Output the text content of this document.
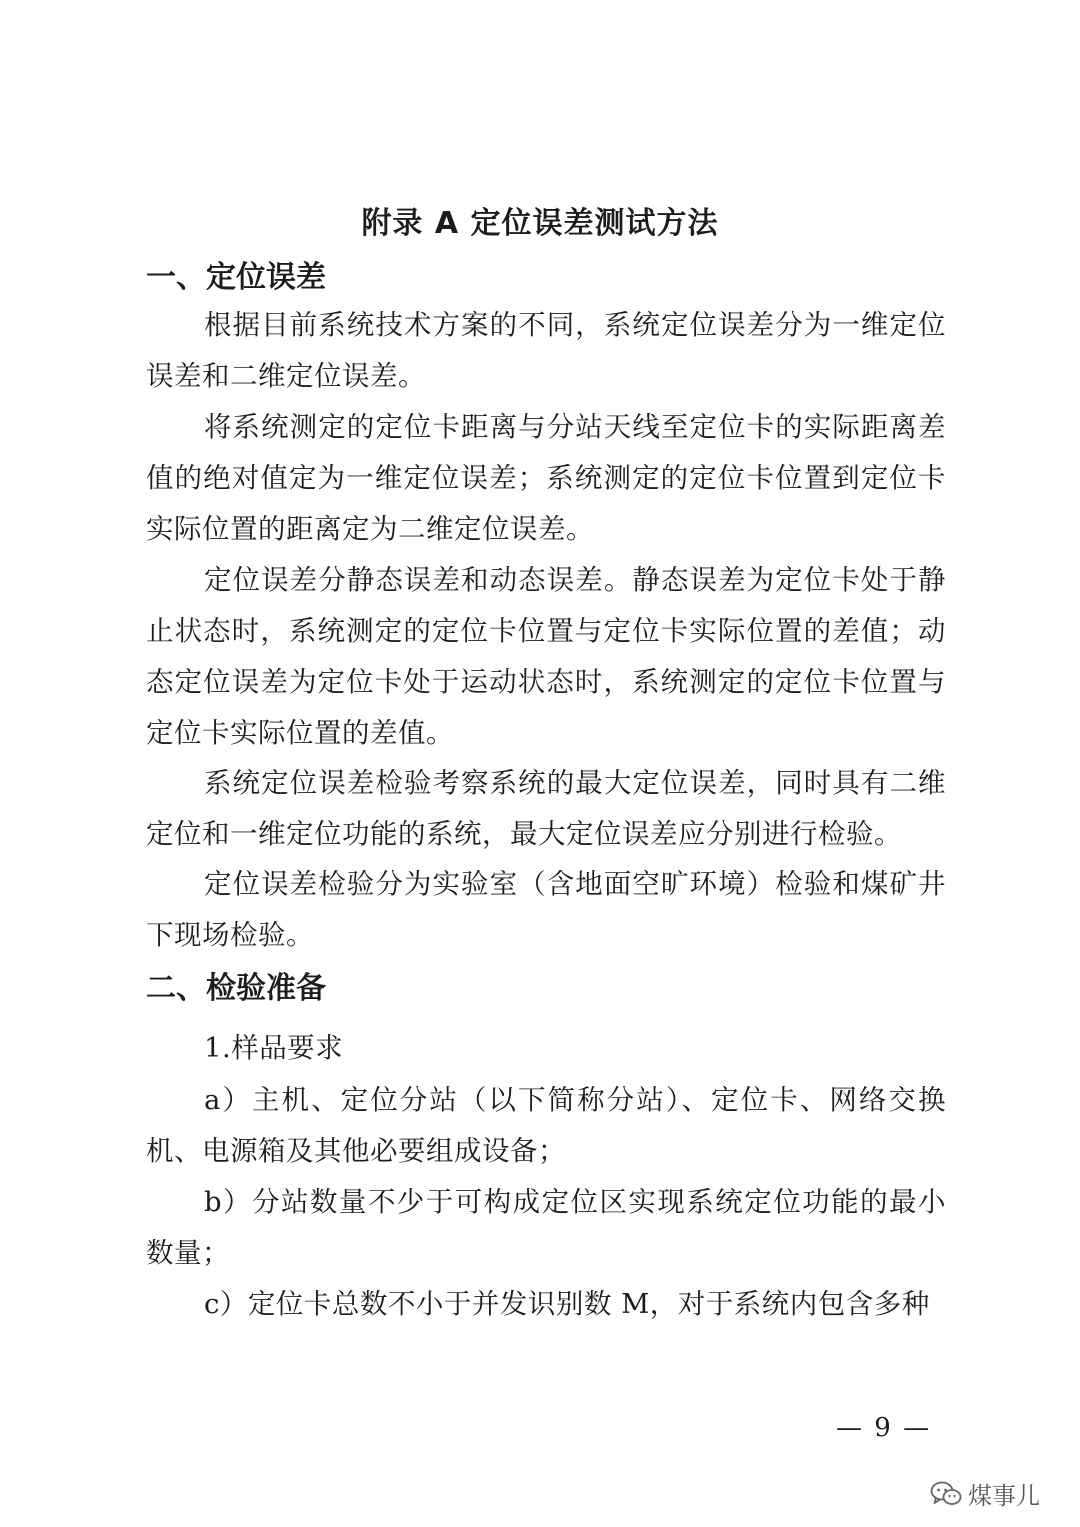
附录 A 定位误差测试方法
一、定位误差

根据目前系统技术方案的不同，系统定位误差分为一维定位误差和二维定位误差。

将系统测定的定位卡距离与分站天线至定位卡的实际距离差值的绝对值定为一维定位误差；系统测定的定位卡位置到定位卡实际位置的距离定为二维定位误差。

定位误差分静态误差和动态误差。静态误差为定位卡处于静止状态时，系统测定的定位卡位置与定位卡实际位置的差值；动态定位误差为定位卡处于运动状态时，系统测定的定位卡位置与定位卡实际位置的差值。

系统定位误差检验考察系统的最大定位误差，同时具有二维定位和一维定位功能的系统，最大定位误差应分别进行检验。

定位误差检验分为实验室（含地面空旷环境）检验和煤矿井下现场检验。

二、检验准备

1.样品要求

a）主机、定位分站（以下简称分站）、定位卡、网络交换机、电源箱及其他必要组成设备；

b）分站数量不少于可构成定位区实现系统定位功能的最小数量；

c）定位卡总数不小于并发识别数 M，对于系统内包含多种

— 9 —
煤事儿
